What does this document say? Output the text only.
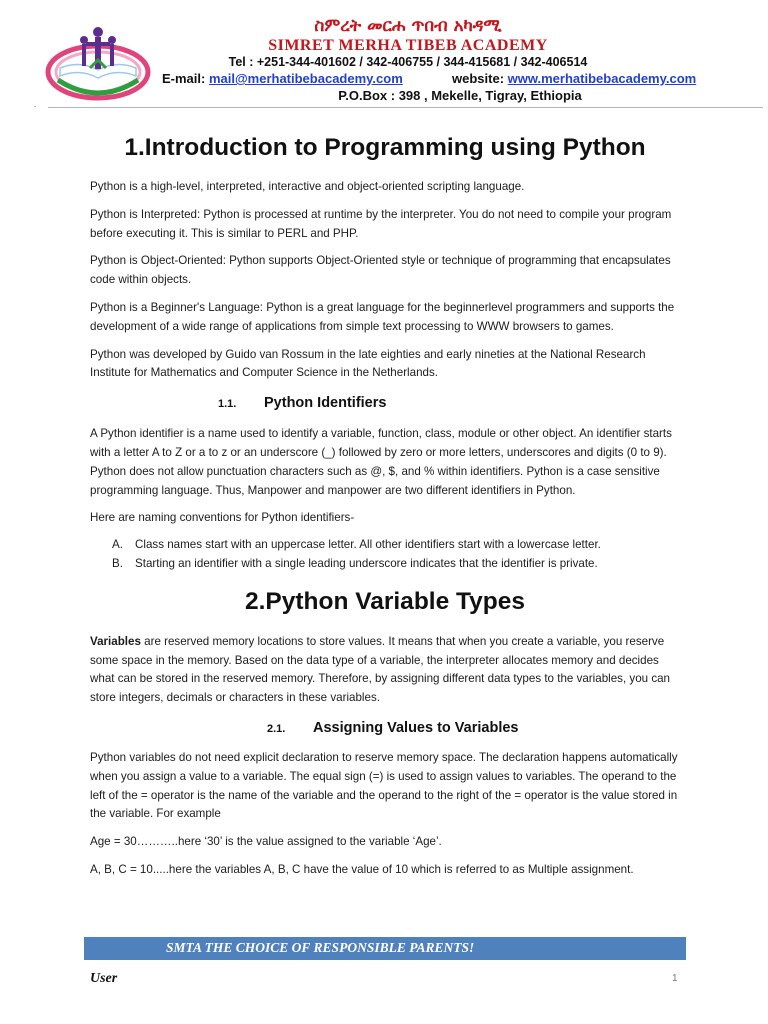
ስምረት መርሐ ጥበብ አካዳሚ
SIMRET MERHA TIBEB ACADEMY
Tel : +251-344-401602 / 342-406755 / 344-415681 / 342-406514
E-mail: mail@merhatibebacademy.com	website: www.merhatibebacademy.com
P.O.Box : 398 , Mekelle, Tigray, Ethiopia
.
1.Introduction to Programming using Python

Python is a high-level, interpreted, interactive and object-oriented scripting language.

Python is Interpreted: Python is processed at runtime by the interpreter. You do not need to compile your program before executing it. This is similar to PERL and PHP.

Python is Object-Oriented: Python supports Object-Oriented style or technique of programming that encapsulates code within objects.

Python is a Beginner's Language: Python is a great language for the beginnerlevel programmers and supports the development of a wide range of applications from simple text processing to WWW browsers to games.

Python was developed by Guido van Rossum in the late eighties and early nineties at the National Research Institute for Mathematics and Computer Science in the Netherlands.

1.1. Python Identifiers

A Python identifier is a name used to identify a variable, function, class, module or other object. An identifier starts with a letter A to Z or a to z or an underscore (_) followed by zero or more letters, underscores and digits (0 to 9). Python does not allow punctuation characters such as @, $, and % within identifiers. Python is a case sensitive programming language. Thus, Manpower and manpower are two different identifiers in Python.

Here are naming conventions for Python identifiers-

A. Class names start with an uppercase letter. All other identifiers start with a lowercase letter.
B. Starting an identifier with a single leading underscore indicates that the identifier is private.
2.Python Variable Types

Variables are reserved memory locations to store values. It means that when you create a variable, you reserve some space in the memory. Based on the data type of a variable, the interpreter allocates memory and decides what can be stored in the reserved memory. Therefore, by assigning different data types to the variables, you can store integers, decimals or characters in these variables.

2.1. Assigning Values to Variables

Python variables do not need explicit declaration to reserve memory space. The declaration happens automatically when you assign a value to a variable. The equal sign (=) is used to assign values to variables. The operand to the left of the = operator is the name of the variable and the operand to the right of the = operator is the value stored in the variable. For example

Age = 30………..here ‘30’ is the value assigned to the variable ‘Age’.

A, B, C = 10.....here the variables A, B, C have the value of 10 which is referred to as Multiple assignment.

SMTA THE CHOICE OF RESPONSIBLE PARENTS!
User	1
